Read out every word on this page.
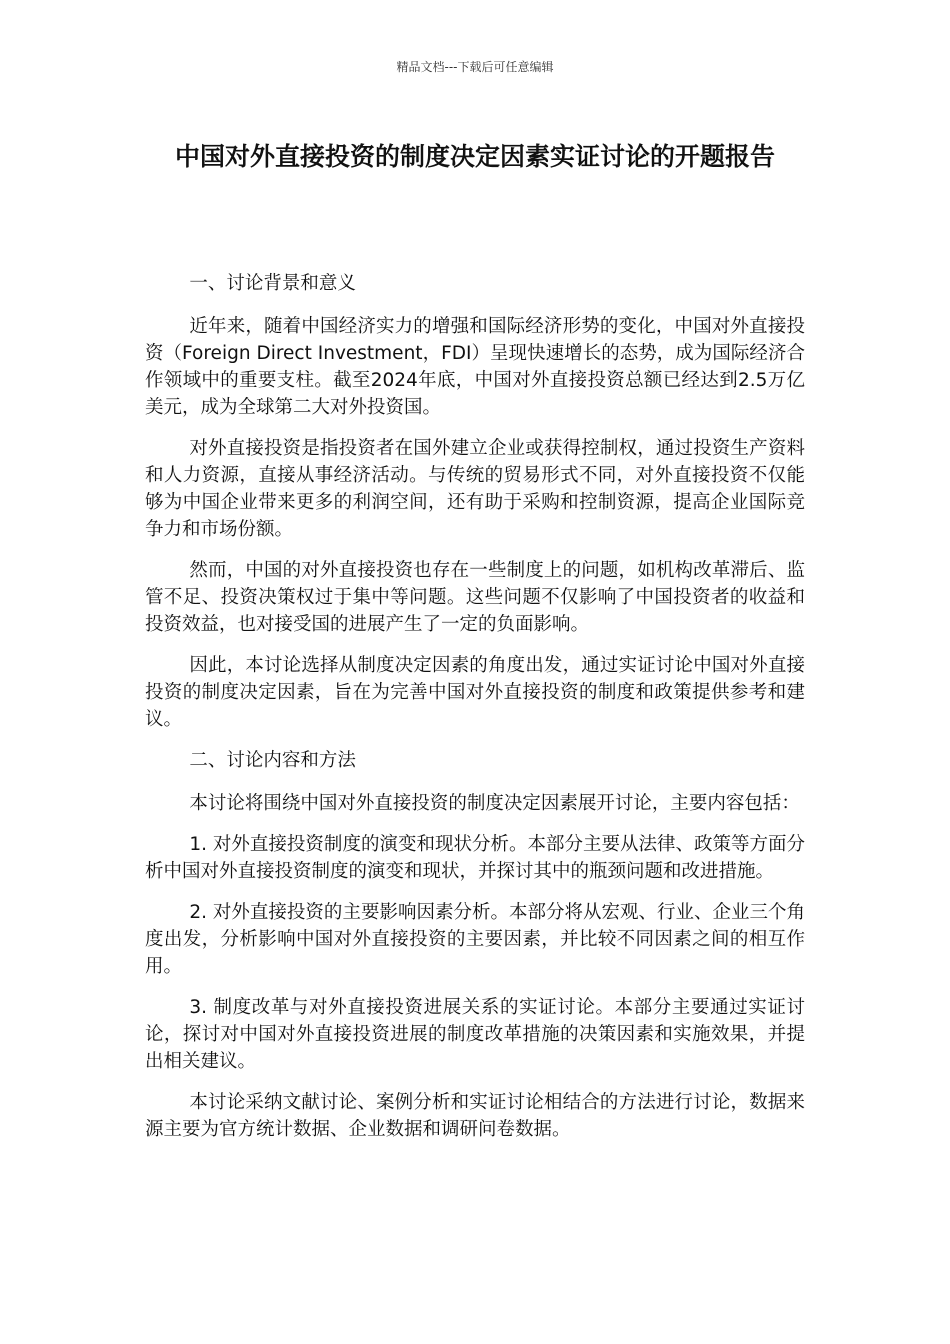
精品文档---下载后可任意编辑
中国对外直接投资的制度决定因素实证讨论的开题报告

一、讨论背景和意义

近年来，随着中国经济实力的增强和国际经济形势的变化，中国对外直接投资（Foreign Direct Investment，FDI）呈现快速增长的态势，成为国际经济合作领域中的重要支柱。截至2024年底，中国对外直接投资总额已经达到2.5万亿美元，成为全球第二大对外投资国。

对外直接投资是指投资者在国外建立企业或获得控制权，通过投资生产资料和人力资源，直接从事经济活动。与传统的贸易形式不同，对外直接投资不仅能够为中国企业带来更多的利润空间，还有助于采购和控制资源，提高企业国际竞争力和市场份额。

然而，中国的对外直接投资也存在一些制度上的问题，如机构改革滞后、监管不足、投资决策权过于集中等问题。这些问题不仅影响了中国投资者的收益和投资效益，也对接受国的进展产生了一定的负面影响。

因此，本讨论选择从制度决定因素的角度出发，通过实证讨论中国对外直接投资的制度决定因素，旨在为完善中国对外直接投资的制度和政策提供参考和建议。

二、讨论内容和方法

本讨论将围绕中国对外直接投资的制度决定因素展开讨论，主要内容包括：

1. 对外直接投资制度的演变和现状分析。本部分主要从法律、政策等方面分析中国对外直接投资制度的演变和现状，并探讨其中的瓶颈问题和改进措施。

2. 对外直接投资的主要影响因素分析。本部分将从宏观、行业、企业三个角度出发，分析影响中国对外直接投资的主要因素，并比较不同因素之间的相互作用。

3. 制度改革与对外直接投资进展关系的实证讨论。本部分主要通过实证讨论，探讨对中国对外直接投资进展的制度改革措施的决策因素和实施效果，并提出相关建议。

本讨论采纳文献讨论、案例分析和实证讨论相结合的方法进行讨论，数据来源主要为官方统计数据、企业数据和调研问卷数据。
